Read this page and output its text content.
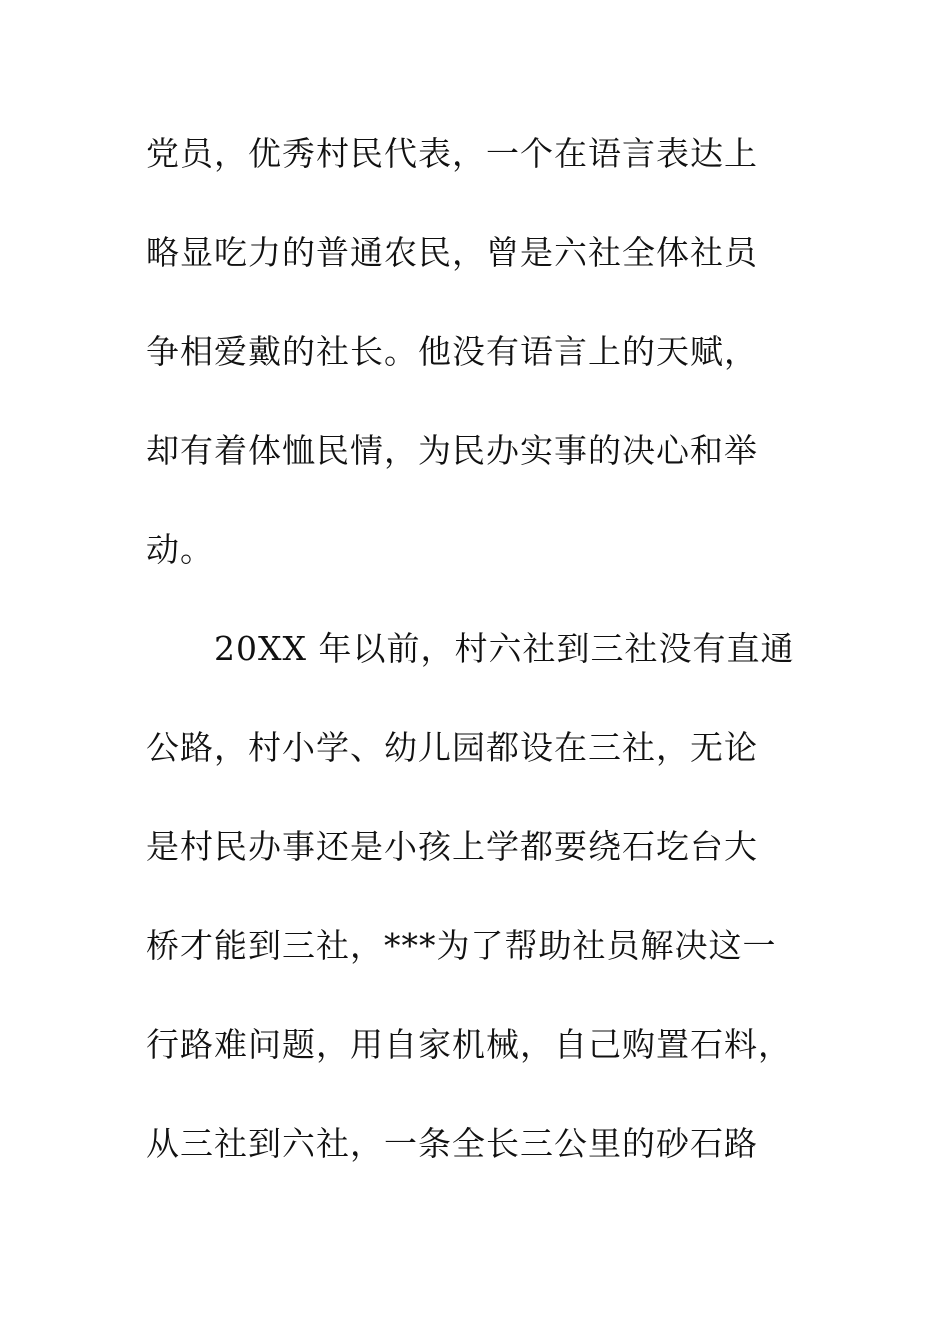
党员，优秀村民代表，一个在语言表达上
略显吃力的普通农民，曾是六社全体社员
争相爱戴的社长。他没有语言上的天赋，
却有着体恤民情，为民办实事的决心和举
动。
20XX 年以前，村六社到三社没有直通
公路，村小学、幼儿园都设在三社，无论
是村民办事还是小孩上学都要绕石圪台大
桥才能到三社，***为了帮助社员解决这一
行路难问题，用自家机械，自己购置石料，
从三社到六社，一条全长三公里的砂石路
